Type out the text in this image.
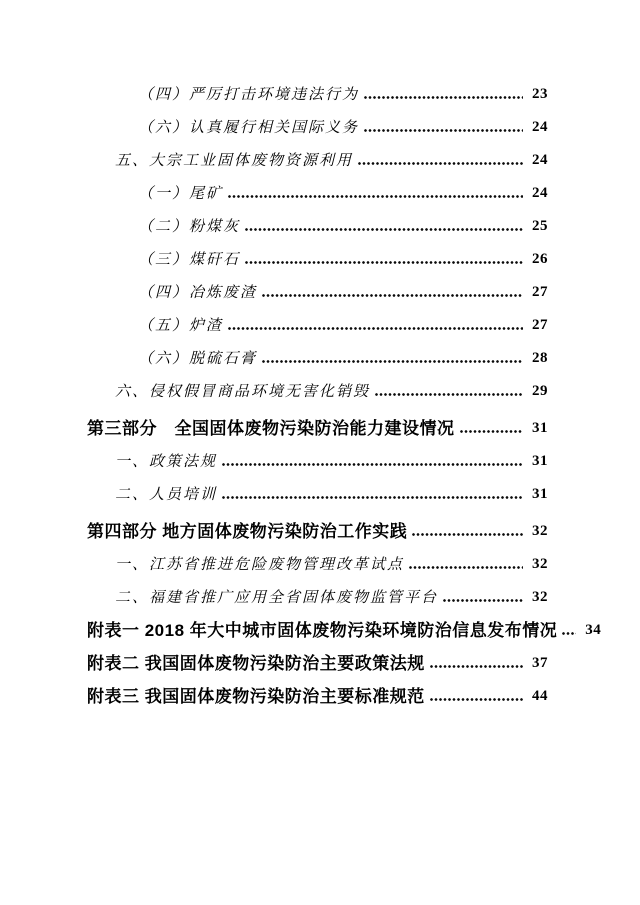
（四）严厉打击环境违法行为	23
（六）认真履行相关国际义务	24
五、大宗工业固体废物资源利用	24
（一）尾矿	24
（二）粉煤灰	25
（三）煤矸石	26
（四）冶炼废渣	27
（五）炉渣	27
（六）脱硫石膏	28
六、侵权假冒商品环境无害化销毁	29
第三部分　全国固体废物污染防治能力建设情况	31
一、政策法规	31
二、人员培训	31
第四部分 地方固体废物污染防治工作实践	32
一、江苏省推进危险废物管理改革试点	32
二、福建省推广应用全省固体废物监管平台	32
附表一 2018 年大中城市固体废物污染环境防治信息发布情况	34
附表二 我国固体废物污染防治主要政策法规	37
附表三 我国固体废物污染防治主要标准规范	44
